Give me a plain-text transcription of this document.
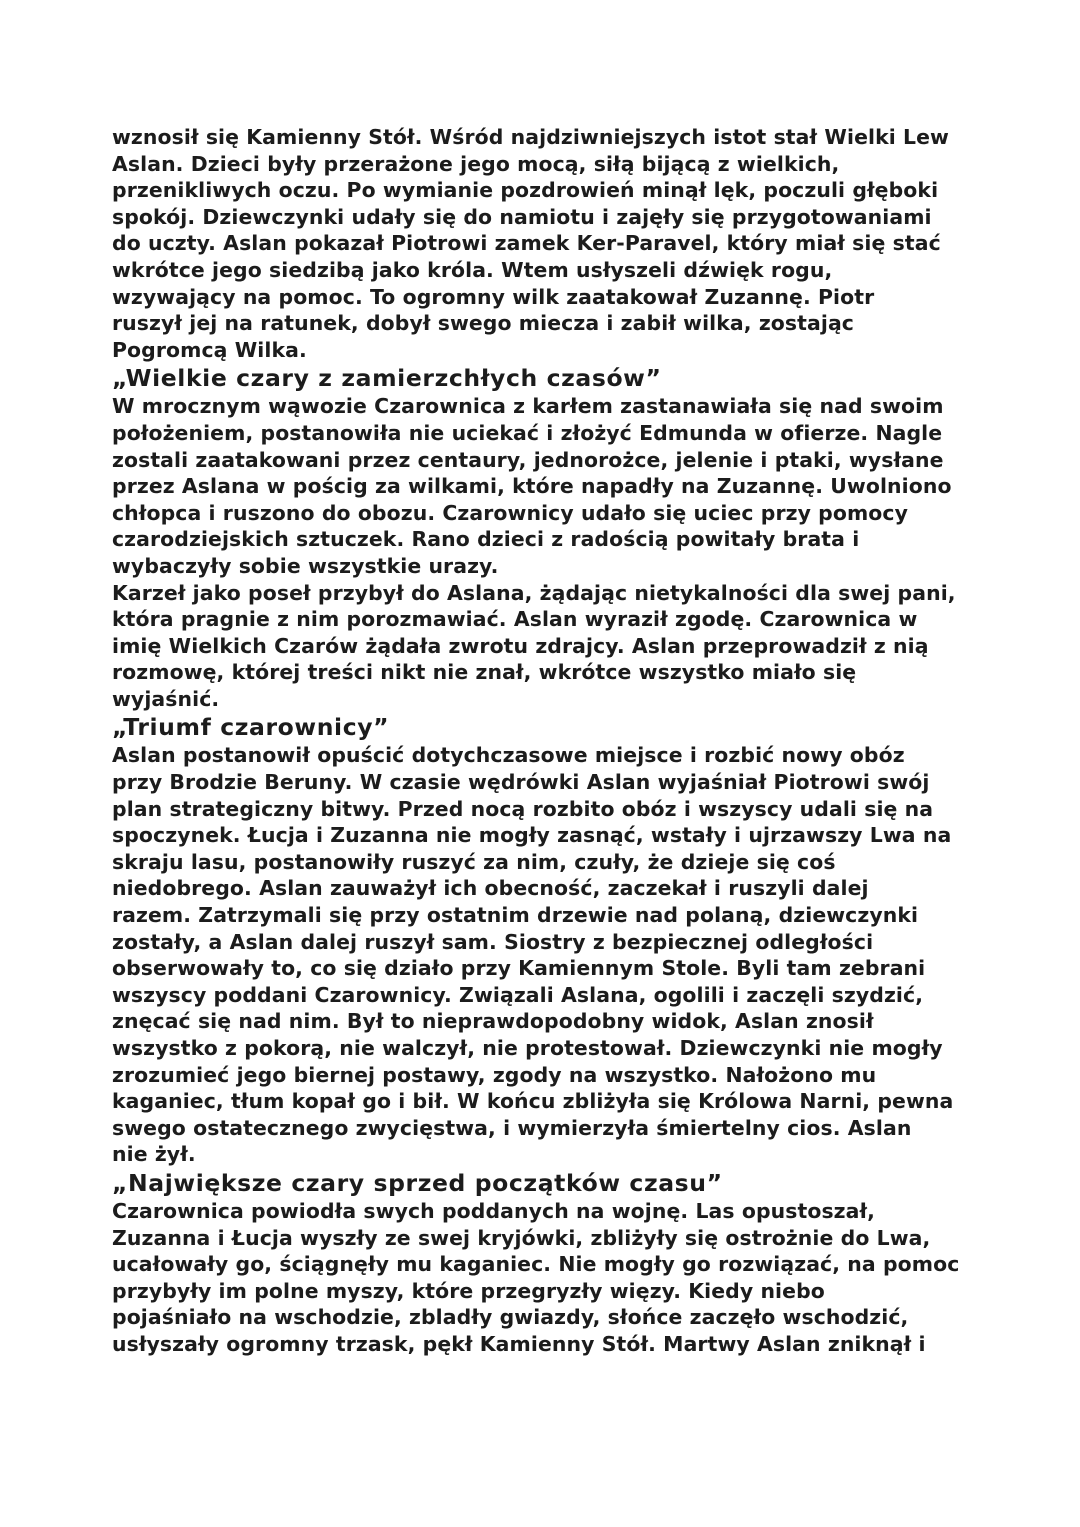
wznosił się Kamienny Stół. Wśród najdziwniejszych istot stał Wielki Lew
Aslan. Dzieci były przerażone jego mocą, siłą bijącą z wielkich,
przenikliwych oczu. Po wymianie pozdrowień minął lęk, poczuli głęboki
spokój. Dziewczynki udały się do namiotu i zajęły się przygotowaniami
do uczty. Aslan pokazał Piotrowi zamek Ker-Paravel, który miał się stać
wkrótce jego siedzibą jako króla. Wtem usłyszeli dźwięk rogu,
wzywający na pomoc. To ogromny wilk zaatakował Zuzannę. Piotr
ruszył jej na ratunek, dobył swego miecza i zabił wilka, zostając
Pogromcą Wilka.
„Wielkie czary z zamierzchłych czasów”
W mrocznym wąwozie Czarownica z karłem zastanawiała się nad swoim
położeniem, postanowiła nie uciekać i złożyć Edmunda w ofierze. Nagle
zostali zaatakowani przez centaury, jednorożce, jelenie i ptaki, wysłane
przez Aslana w pościg za wilkami, które napadły na Zuzannę. Uwolniono
chłopca i ruszono do obozu. Czarownicy udało się uciec przy pomocy
czarodziejskich sztuczek. Rano dzieci z radością powitały brata i
wybaczyły sobie wszystkie urazy.
Karzeł jako poseł przybył do Aslana, żądając nietykalności dla swej pani,
która pragnie z nim porozmawiać. Aslan wyraził zgodę. Czarownica w
imię Wielkich Czarów żądała zwrotu zdrajcy. Aslan przeprowadził z nią
rozmowę, której treści nikt nie znał, wkrótce wszystko miało się
wyjaśnić.
„Triumf czarownicy”
Aslan postanowił opuścić dotychczasowe miejsce i rozbić nowy obóz
przy Brodzie Beruny. W czasie wędrówki Aslan wyjaśniał Piotrowi swój
plan strategiczny bitwy. Przed nocą rozbito obóz i wszyscy udali się na
spoczynek. Łucja i Zuzanna nie mogły zasnąć, wstały i ujrzawszy Lwa na
skraju lasu, postanowiły ruszyć za nim, czuły, że dzieje się coś
niedobrego. Aslan zauważył ich obecność, zaczekał i ruszyli dalej
razem. Zatrzymali się przy ostatnim drzewie nad polaną, dziewczynki
zostały, a Aslan dalej ruszył sam. Siostry z bezpiecznej odległości
obserwowały to, co się działo przy Kamiennym Stole. Byli tam zebrani
wszyscy poddani Czarownicy. Związali Aslana, ogolili i zaczęli szydzić,
znęcać się nad nim. Był to nieprawdopodobny widok, Aslan znosił
wszystko z pokorą, nie walczył, nie protestował. Dziewczynki nie mogły
zrozumieć jego biernej postawy, zgody na wszystko. Nałożono mu
kaganiec, tłum kopał go i bił. W końcu zbliżyła się Królowa Narni, pewna
swego ostatecznego zwycięstwa, i wymierzyła śmiertelny cios. Aslan
nie żył.
„Największe czary sprzed początków czasu”
Czarownica powiodła swych poddanych na wojnę. Las opustoszał,
Zuzanna i Łucja wyszły ze swej kryjówki, zbliżyły się ostrożnie do Lwa,
ucałowały go, ściągnęły mu kaganiec. Nie mogły go rozwiązać, na pomoc
przybyły im polne myszy, które przegryzły więzy. Kiedy niebo
pojaśniało na wschodzie, zbladły gwiazdy, słońce zaczęło wschodzić,
usłyszały ogromny trzask, pękł Kamienny Stół. Martwy Aslan zniknął i
